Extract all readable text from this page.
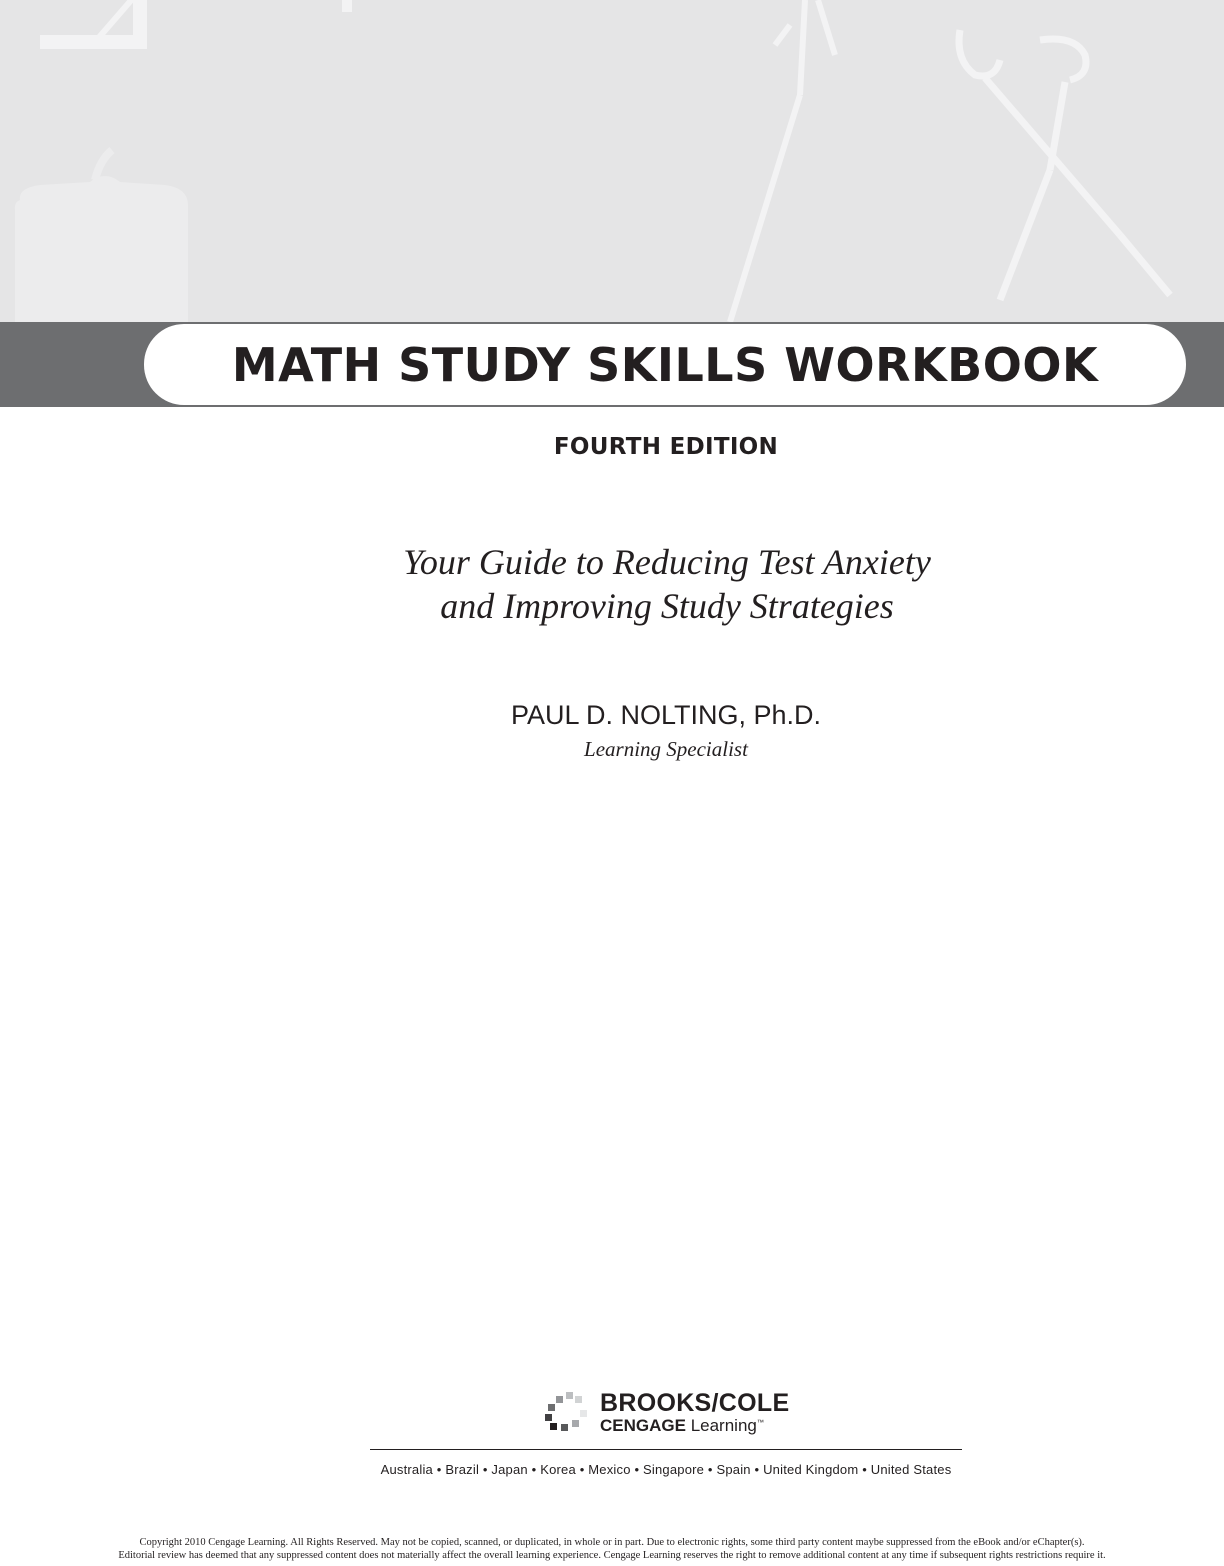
MATH STUDY SKILLS WORKBOOK
FOURTH EDITION
Your Guide to Reducing Test Anxiety
and Improving Study Strategies
PAUL D. NOLTING, Ph.D.
Learning Specialist
BROOKS/COLE
CENGAGE Learning™
Australia • Brazil • Japan • Korea • Mexico • Singapore • Spain • United Kingdom • United States
Copyright 2010 Cengage Learning. All Rights Reserved. May not be copied, scanned, or duplicated, in whole or in part. Due to electronic rights, some third party content maybe suppressed from the eBook and/or eChapter(s).
Editorial review has deemed that any suppressed content does not materially affect the overall learning experience. Cengage Learning reserves the right to remove additional content at any time if subsequent rights restrictions require it.
